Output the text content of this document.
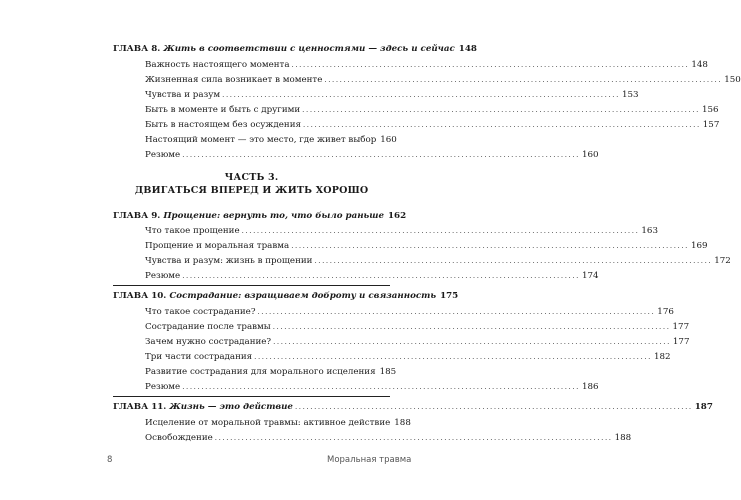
ГЛАВА 8. Жить в соответствии с ценностями — здесь и сейчас 148
Важность настоящего момента ........................................................................................................ 148
Жизненная сила возникает в моменте ........................................................................................................ 150
Чувства и разум ........................................................................................................ 153
Быть в моменте и быть с другими ........................................................................................................ 156
Быть в настоящем без осуждения ........................................................................................................ 157
Настоящий момент — это место, где живет выбор 160
Резюме ........................................................................................................ 160
ЧАСТЬ 3.
ДВИГАТЬСЯ ВПЕРЕД И ЖИТЬ ХОРОШО
ГЛАВА 9. Прощение: вернуть то, что было раньше 162
Что такое прощение ........................................................................................................ 163
Прощение и моральная травма ........................................................................................................ 169
Чувства и разум: жизнь в прощении ........................................................................................................ 172
Резюме ........................................................................................................ 174
ГЛАВА 10. Сострадание: взращиваем доброту и связанность 175
Что такое сострадание? ........................................................................................................ 176
Сострадание после травмы ........................................................................................................ 177
Зачем нужно сострадание? ........................................................................................................ 177
Три части сострадания ........................................................................................................ 182
Развитие сострадания для морального исцеления 185
Резюме ........................................................................................................ 186
ГЛАВА 11. Жизнь — это действие ........................................................................................................ 187
Исцеление от моральной травмы: активное действие 188
Освобождение ........................................................................................................ 188
8	Моральная травма
